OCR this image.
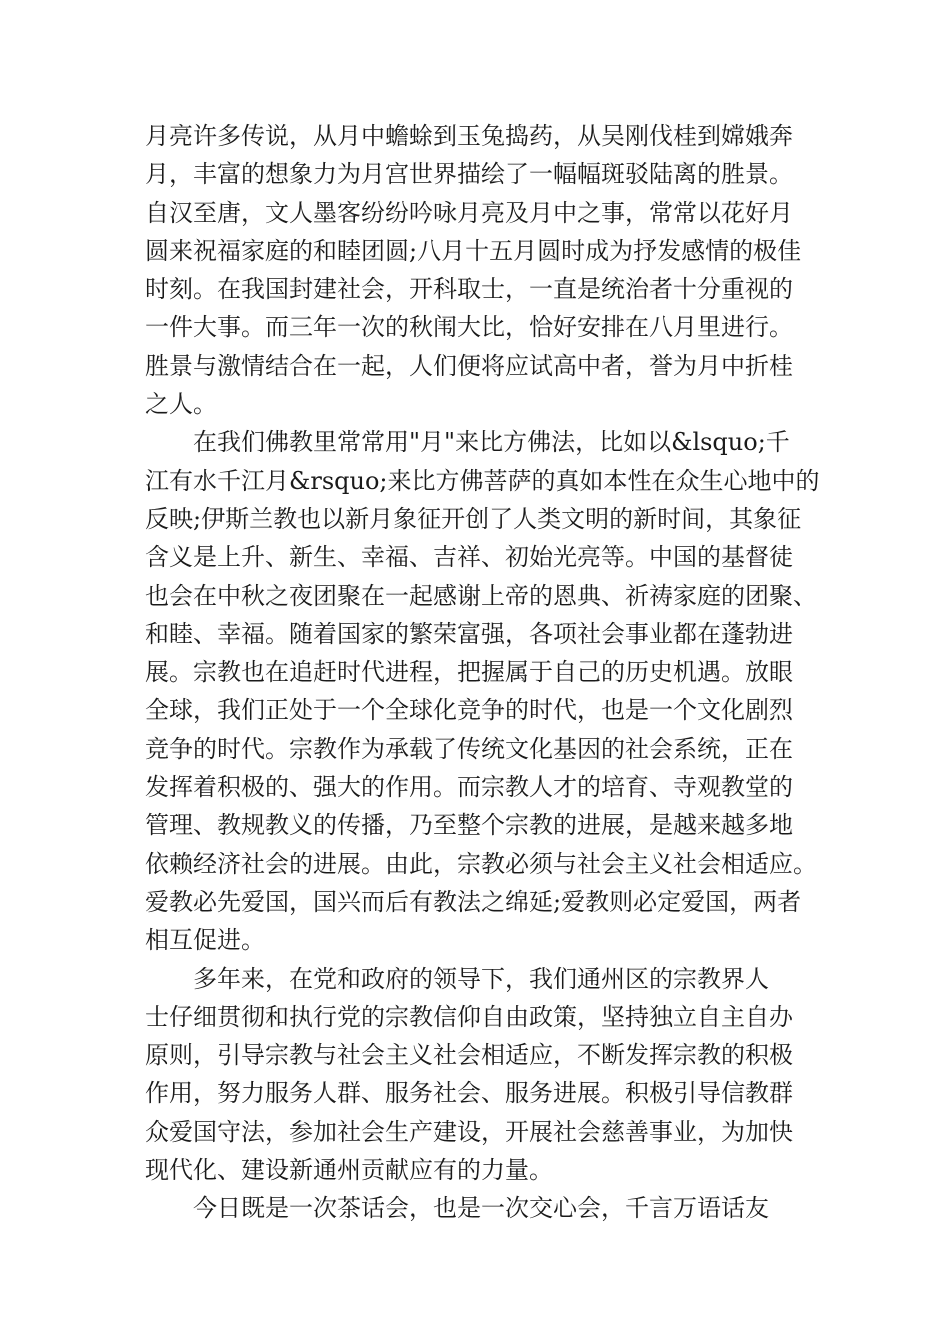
月亮许多传说，从月中蟾蜍到玉兔捣药，从吴刚伐桂到嫦娥奔
月，丰富的想象力为月宫世界描绘了一幅幅斑驳陆离的胜景。
自汉至唐，文人墨客纷纷吟咏月亮及月中之事，常常以花好月
圆来祝福家庭的和睦团圆;八月十五月圆时成为抒发感情的极佳
时刻。在我国封建社会，开科取士，一直是统治者十分重视的
一件大事。而三年一次的秋闱大比，恰好安排在八月里进行。
胜景与激情结合在一起，人们便将应试高中者，誉为月中折桂
之人。
　　在我们佛教里常常用"月"来比方佛法，比如以&lsquo;千
江有水千江月&rsquo;来比方佛菩萨的真如本性在众生心地中的
反映;伊斯兰教也以新月象征开创了人类文明的新时间，其象征
含义是上升、新生、幸福、吉祥、初始光亮等。中国的基督徒
也会在中秋之夜团聚在一起感谢上帝的恩典、祈祷家庭的团聚、
和睦、幸福。随着国家的繁荣富强，各项社会事业都在蓬勃进
展。宗教也在追赶时代进程，把握属于自己的历史机遇。放眼
全球，我们正处于一个全球化竞争的时代，也是一个文化剧烈
竞争的时代。宗教作为承载了传统文化基因的社会系统，正在
发挥着积极的、强大的作用。而宗教人才的培育、寺观教堂的
管理、教规教义的传播，乃至整个宗教的进展，是越来越多地
依赖经济社会的进展。由此，宗教必须与社会主义社会相适应。
爱教必先爱国，国兴而后有教法之绵延;爱教则必定爱国，两者
相互促进。
　　多年来，在党和政府的领导下，我们通州区的宗教界人
士仔细贯彻和执行党的宗教信仰自由政策，坚持独立自主自办
原则，引导宗教与社会主义社会相适应，不断发挥宗教的积极
作用，努力服务人群、服务社会、服务进展。积极引导信教群
众爱国守法，参加社会生产建设，开展社会慈善事业，为加快
现代化、建设新通州贡献应有的力量。
　　今日既是一次茶话会，也是一次交心会，千言万语话友
